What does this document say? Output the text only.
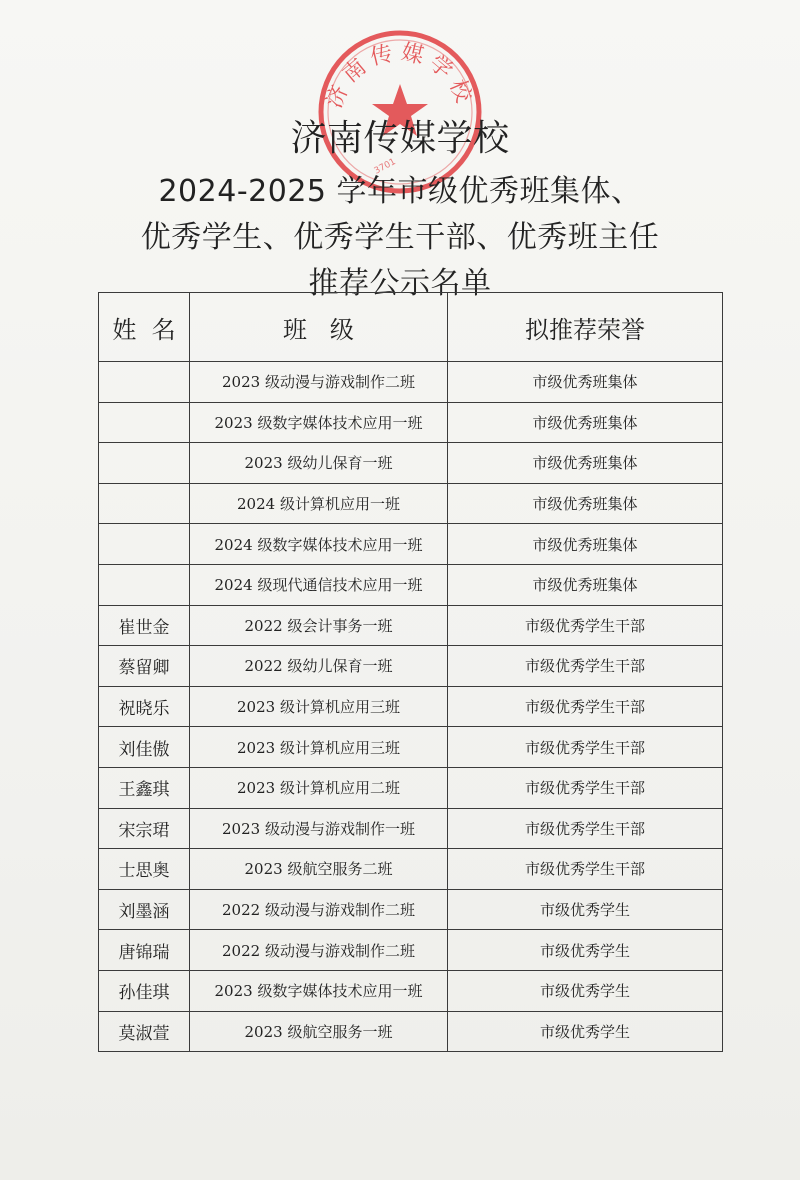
济南传媒学校
3701
济南传媒学校
2024-2025 学年市级优秀班集体、
优秀学生、优秀学生干部、优秀班主任
推荐公示名单
姓  名	班   级	拟推荐荣誉
	2023 级动漫与游戏制作二班	市级优秀班集体
	2023 级数字媒体技术应用一班	市级优秀班集体
	2023 级幼儿保育一班	市级优秀班集体
	2024 级计算机应用一班	市级优秀班集体
	2024 级数字媒体技术应用一班	市级优秀班集体
	2024 级现代通信技术应用一班	市级优秀班集体
崔世金	2022 级会计事务一班	市级优秀学生干部
蔡留卿	2022 级幼儿保育一班	市级优秀学生干部
祝晓乐	2023 级计算机应用三班	市级优秀学生干部
刘佳傲	2023 级计算机应用三班	市级优秀学生干部
王鑫琪	2023 级计算机应用二班	市级优秀学生干部
宋宗珺	2023 级动漫与游戏制作一班	市级优秀学生干部
士思奥	2023 级航空服务二班	市级优秀学生干部
刘墨涵	2022 级动漫与游戏制作二班	市级优秀学生
唐锦瑞	2022 级动漫与游戏制作二班	市级优秀学生
孙佳琪	2023 级数字媒体技术应用一班	市级优秀学生
莫淑萱	2023 级航空服务一班	市级优秀学生
